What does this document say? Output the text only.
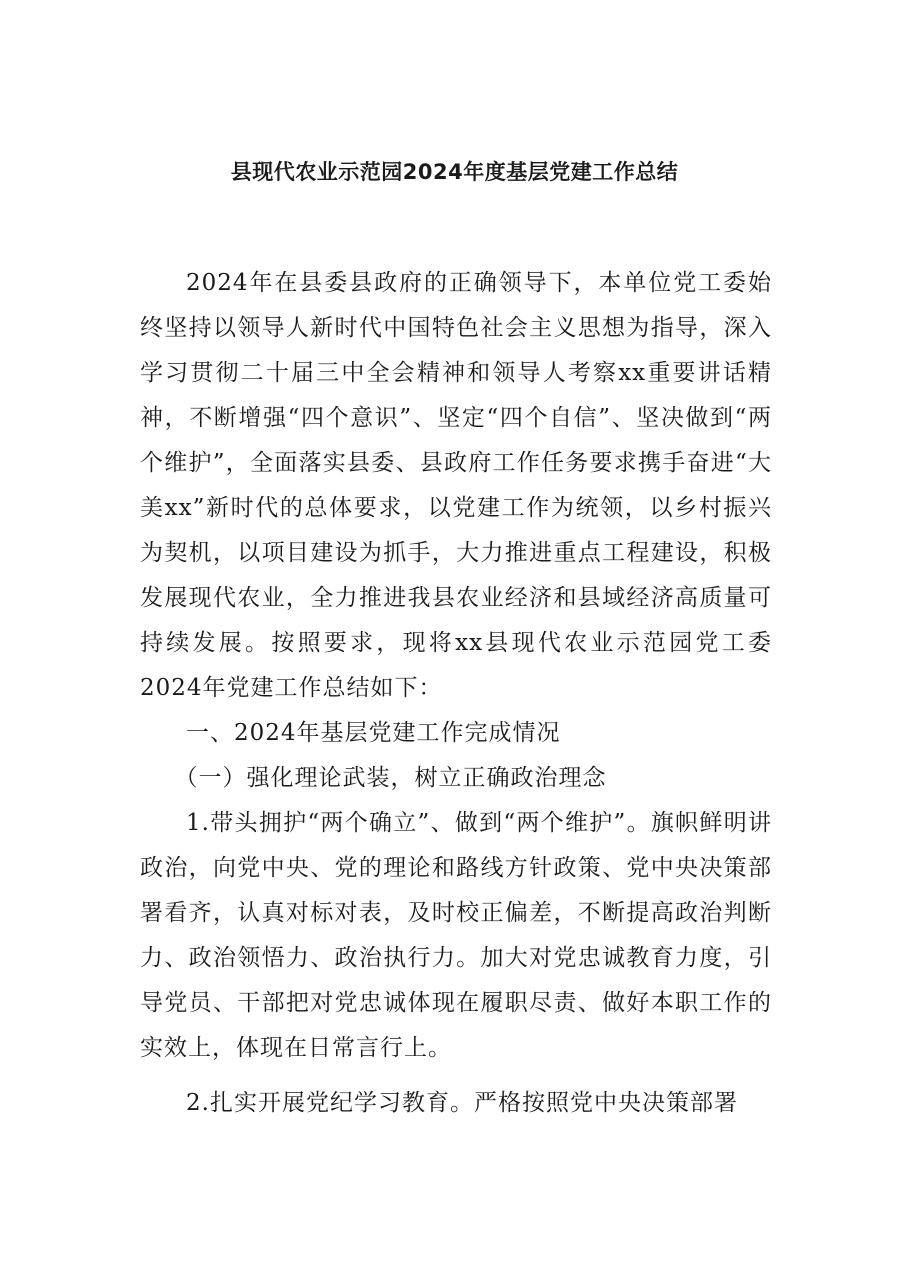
县现代农业示范园2024年度基层党建工作总结

2024年在县委县政府的正确领导下，本单位党工委始终坚持以领导人新时代中国特色社会主义思想为指导，深入学习贯彻二十届三中全会精神和领导人考察xx重要讲话精神，不断增强“四个意识”、坚定“四个自信”、坚决做到“两个维护”，全面落实县委、县政府工作任务要求携手奋进“大美xx”新时代的总体要求，以党建工作为统领，以乡村振兴为契机，以项目建设为抓手，大力推进重点工程建设，积极发展现代农业，全力推进我县农业经济和县域经济高质量可持续发展。按照要求，现将xx县现代农业示范园党工委2024年党建工作总结如下：

一、2024年基层党建工作完成情况

（一）强化理论武装，树立正确政治理念

1.带头拥护“两个确立”、做到“两个维护”。旗帜鲜明讲政治，向党中央、党的理论和路线方针政策、党中央决策部署看齐，认真对标对表，及时校正偏差，不断提高政治判断力、政治领悟力、政治执行力。加大对党忠诚教育力度，引导党员、干部把对党忠诚体现在履职尽责、做好本职工作的实效上，体现在日常言行上。

2.扎实开展党纪学习教育。严格按照党中央决策部署
